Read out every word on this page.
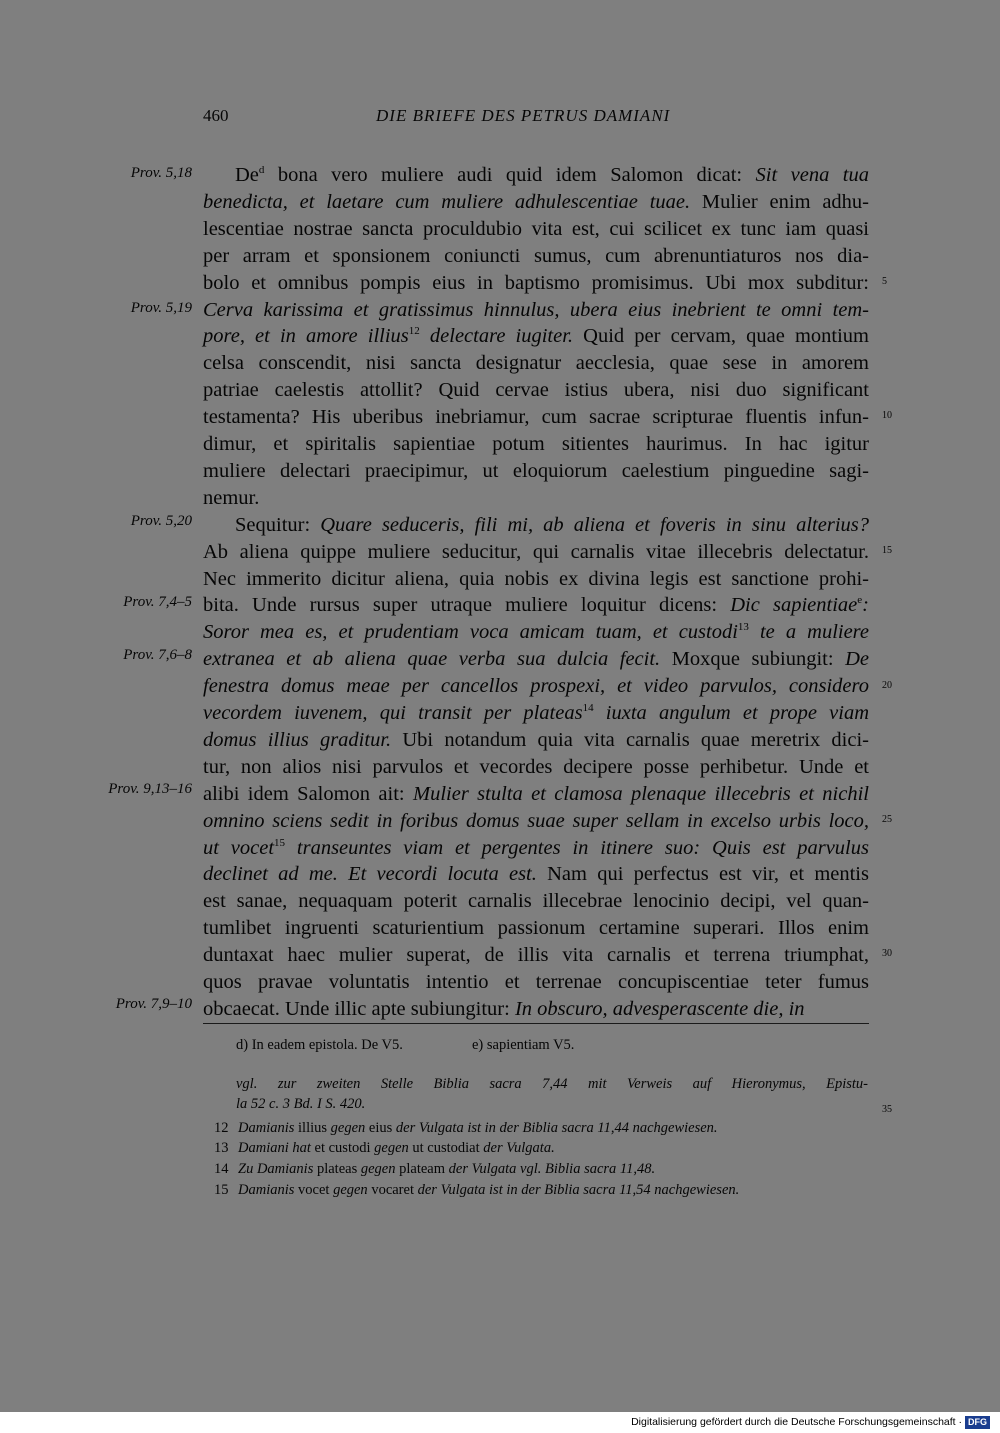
460	DIE BRIEFE DES PETRUS DAMIANI
De$^d$ bona vero muliere audi quid idem Salomon dicat: Sit vena tua
benedicta, et laetare cum muliere adhulescentiae tuae. Mulier enim adhu-
lescentiae nostrae sancta proculdubio vita est, cui scilicet ex tunc iam quasi
per arram et sponsionem coniuncti sumus, cum abrenuntiaturos nos dia-
bolo et omnibus pompis eius in baptismo promisimus. Ubi mox subditur:
Cerva karissima et gratissimus hinnulus, ubera eius inebrient te omni tem-
pore, et in amore illius$^{12}$ delectare iugiter. Quid per cervam, quae montium
celsa conscendit, nisi sancta designatur aecclesia, quae sese in amorem
patriae caelestis attollit? Quid cervae istius ubera, nisi duo significant
testamenta? His uberibus inebriamur, cum sacrae scripturae fluentis infun-
dimur, et spiritalis sapientiae potum sitientes haurimus. In hac igitur
muliere delectari praecipimur, ut eloquiorum caelestium pinguedine sagi-
nemur.
Sequitur: Quare seduceris, fili mi, ab aliena et foveris in sinu alterius?
Ab aliena quippe muliere seducitur, qui carnalis vitae illecebris delectatur.
Nec immerito dicitur aliena, quia nobis ex divina legis est sanctione prohi-
bita. Unde rursus super utraque muliere loquitur dicens: Dic sapientiae$^e$:
Soror mea es, et prudentiam voca amicam tuam, et custodi$^{13}$ te a muliere
extranea et ab aliena quae verba sua dulcia fecit. Moxque subiungit: De
fenestra domus meae per cancellos prospexi, et video parvulos, considero
vecordem iuvenem, qui transit per plateas$^{14}$ iuxta angulum et prope viam
domus illius graditur. Ubi notandum quia vita carnalis quae meretrix dici-
tur, non alios nisi parvulos et vecordes decipere posse perhibetur. Unde et
alibi idem Salomon ait: Mulier stulta et clamosa plenaque illecebris et nichil
omnino sciens sedit in foribus domus suae super sellam in excelso urbis loco,
ut vocet$^{15}$ transeuntes viam et pergentes in itinere suo: Quis est parvulus
declinet ad me. Et vecordi locuta est. Nam qui perfectus est vir, et mentis
est sanae, nequaquam poterit carnalis illecebrae lenocinio decipi, vel quan-
tumlibet ingruenti scaturientium passionum certamine superari. Illos enim
duntaxat haec mulier superat, de illis vita carnalis et terrena triumphat,
quos pravae voluntatis intentio et terrenae concupiscentiae teter fumus
obcaecat. Unde illic apte subiungitur: In obscuro, advesperascente die, in
Prov. 5,18
Prov. 5,19
Prov. 5,20
Prov. 7,4–5
Prov. 7,6–8
Prov. 9,13–16
Prov. 7,9–10
5
10
15
20
25
30
35
d) In eadem epistola. De V5.	e) sapientiam V5.
vgl. zur zweiten Stelle Biblia sacra 7,44 mit Verweis auf Hieronymus, Epistu-
la 52 c. 3 Bd. I S. 420.
Damianis illius gegen eius der Vulgata ist in der Biblia sacra 11,44 nachgewiesen.
Damiani hat et custodi gegen ut custodiat der Vulgata.
Zu Damianis plateas gegen plateam der Vulgata vgl. Biblia sacra 11,48.
Damianis vocet gegen vocaret der Vulgata ist in der Biblia sacra 11,54 nachgewiesen.
12
13
14
15
Digitalisierung gefördert durch die Deutsche Forschungsgemeinschaft · DFG
